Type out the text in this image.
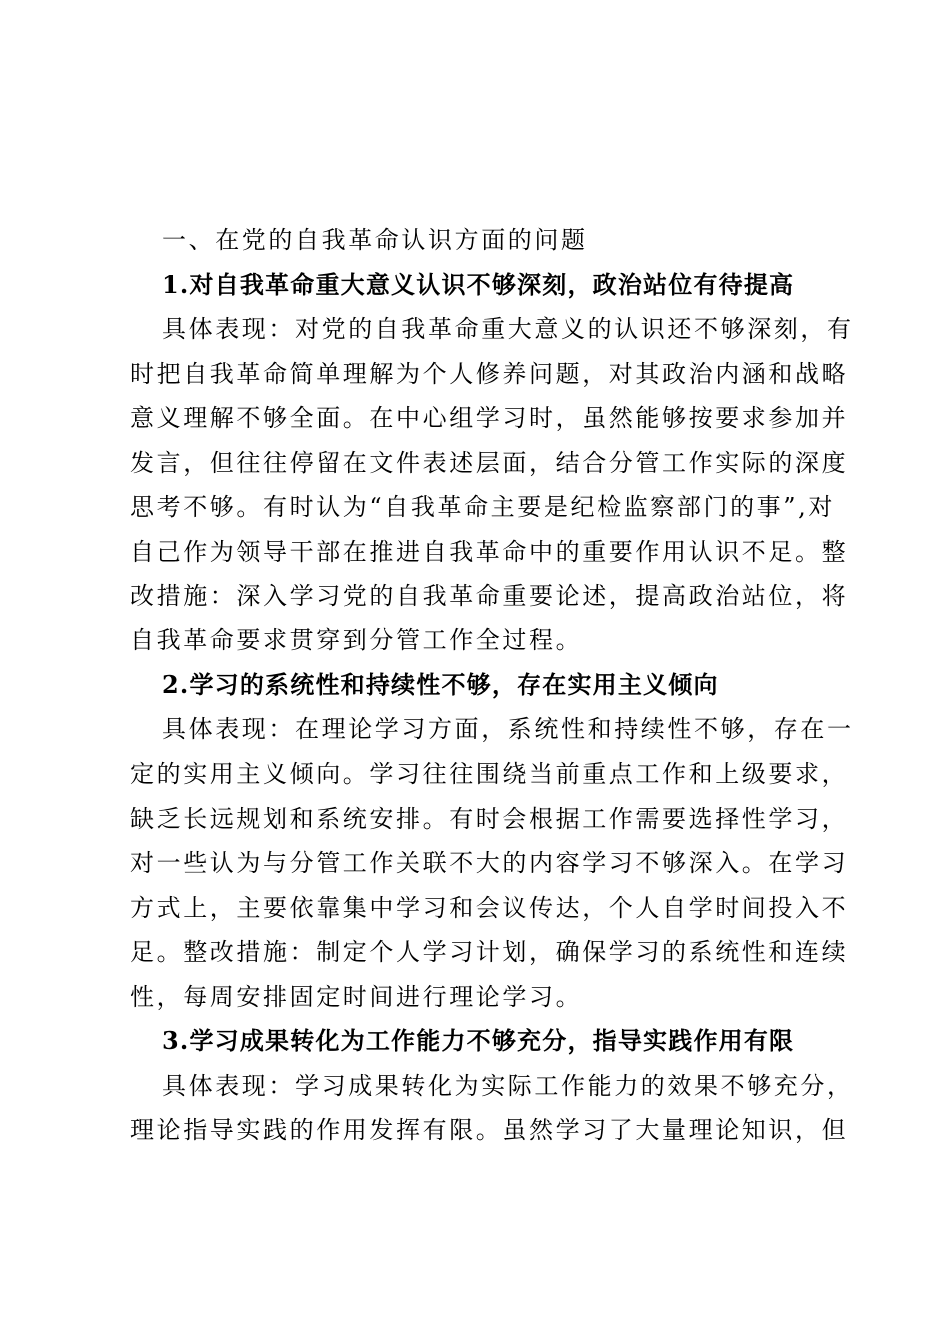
一、在党的自我革命认识方面的问题
1.对自我革命重大意义认识不够深刻，政治站位有待提高
具体表现：对党的自我革命重大意义的认识还不够深刻，有
时把自我革命简单理解为个人修养问题，对其政治内涵和战略
意义理解不够全面。在中心组学习时，虽然能够按要求参加并
发言，但往往停留在文件表述层面，结合分管工作实际的深度
思考不够。有时认为“自我革命主要是纪检监察部门的事”,对
自己作为领导干部在推进自我革命中的重要作用认识不足。整
改措施：深入学习党的自我革命重要论述，提高政治站位，将
自我革命要求贯穿到分管工作全过程。
2.学习的系统性和持续性不够，存在实用主义倾向
具体表现：在理论学习方面，系统性和持续性不够，存在一
定的实用主义倾向。学习往往围绕当前重点工作和上级要求，
缺乏长远规划和系统安排。有时会根据工作需要选择性学习，
对一些认为与分管工作关联不大的内容学习不够深入。在学习
方式上，主要依靠集中学习和会议传达，个人自学时间投入不
足。整改措施：制定个人学习计划，确保学习的系统性和连续
性，每周安排固定时间进行理论学习。
3.学习成果转化为工作能力不够充分，指导实践作用有限
具体表现：学习成果转化为实际工作能力的效果不够充分，
理论指导实践的作用发挥有限。虽然学习了大量理论知识，但
